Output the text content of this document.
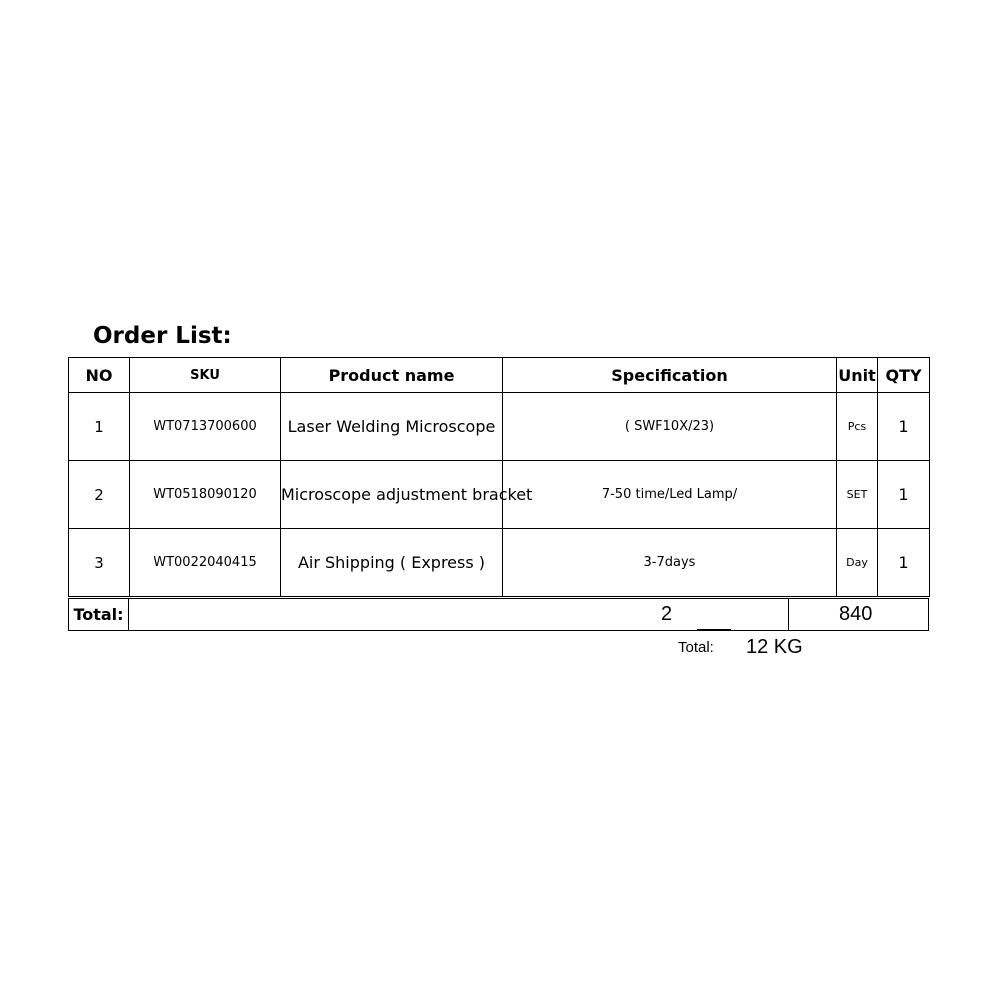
Order List:
NO	SKU	Product name	Specification	Unit	QTY
1	WT0713700600	Laser Welding Microscope	( SWF10X/23)	Pcs	1
2	WT0518090120	Microscope adjustment bracket	7-50 time/Led Lamp/	SET	1
3	WT0022040415	Air Shipping ( Express )	3-7days	Day	1
Total:	2	840
Total: 12 KG
